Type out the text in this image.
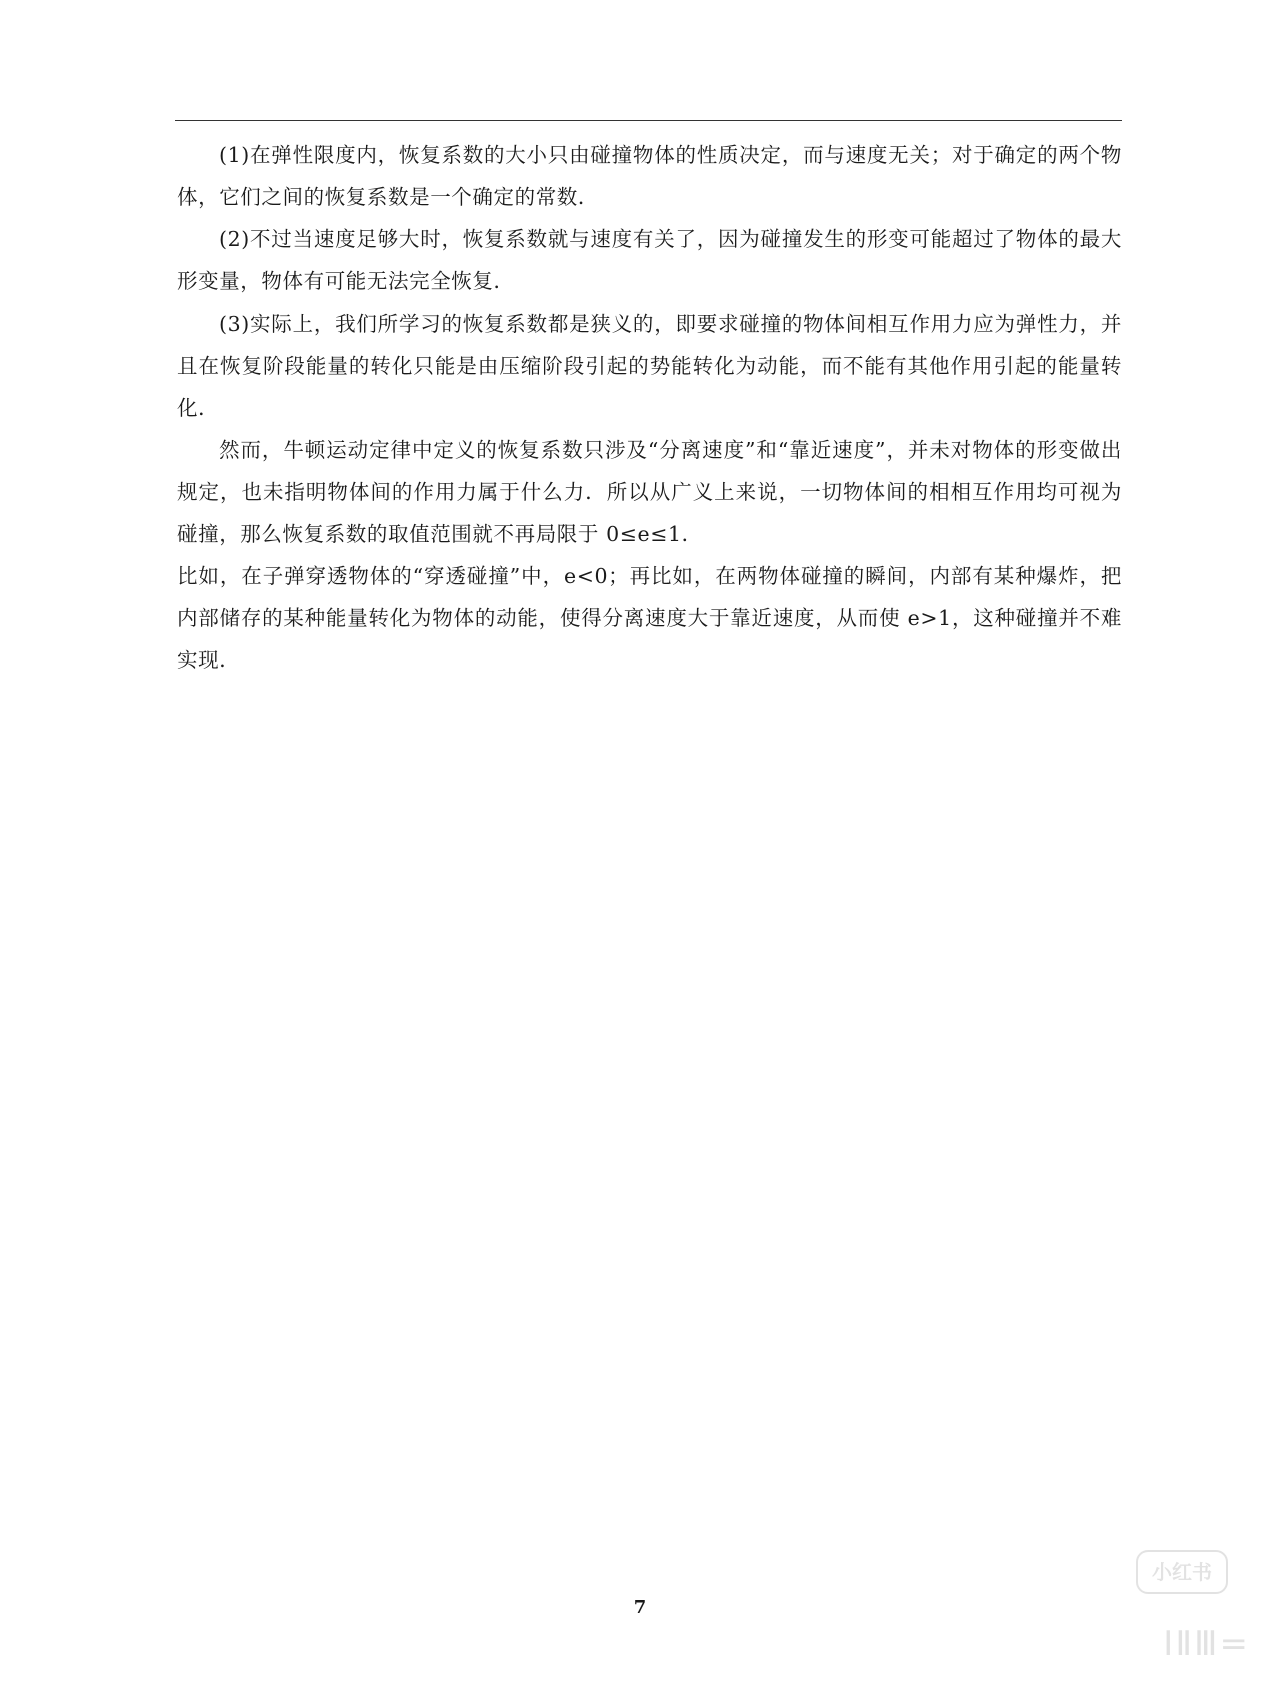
(1)在弹性限度内，恢复系数的大小只由碰撞物体的性质决定，而与速度无关；对于确定的两个物体，它们之间的恢复系数是一个确定的常数．

(2)不过当速度足够大时，恢复系数就与速度有关了，因为碰撞发生的形变可能超过了物体的最大形变量，物体有可能无法完全恢复．

(3)实际上，我们所学习的恢复系数都是狭义的，即要求碰撞的物体间相互作用力应为弹性力，并且在恢复阶段能量的转化只能是由压缩阶段引起的势能转化为动能，而不能有其他作用引起的能量转化．

然而，牛顿运动定律中定义的恢复系数只涉及“分离速度”和“靠近速度”，并未对物体的形变做出规定，也未指明物体间的作用力属于什么力．所以从广义上来说，一切物体间的相相互作用均可视为碰撞，那么恢复系数的取值范围就不再局限于 0≤e≤1．

比如，在子弹穿透物体的“穿透碰撞”中，e<0；再比如，在两物体碰撞的瞬间，内部有某种爆炸，把内部储存的某种能量转化为物体的动能，使得分离速度大于靠近速度，从而使 e>1，这种碰撞并不难实现．

7
小红书
ⅠⅡⅢ=
